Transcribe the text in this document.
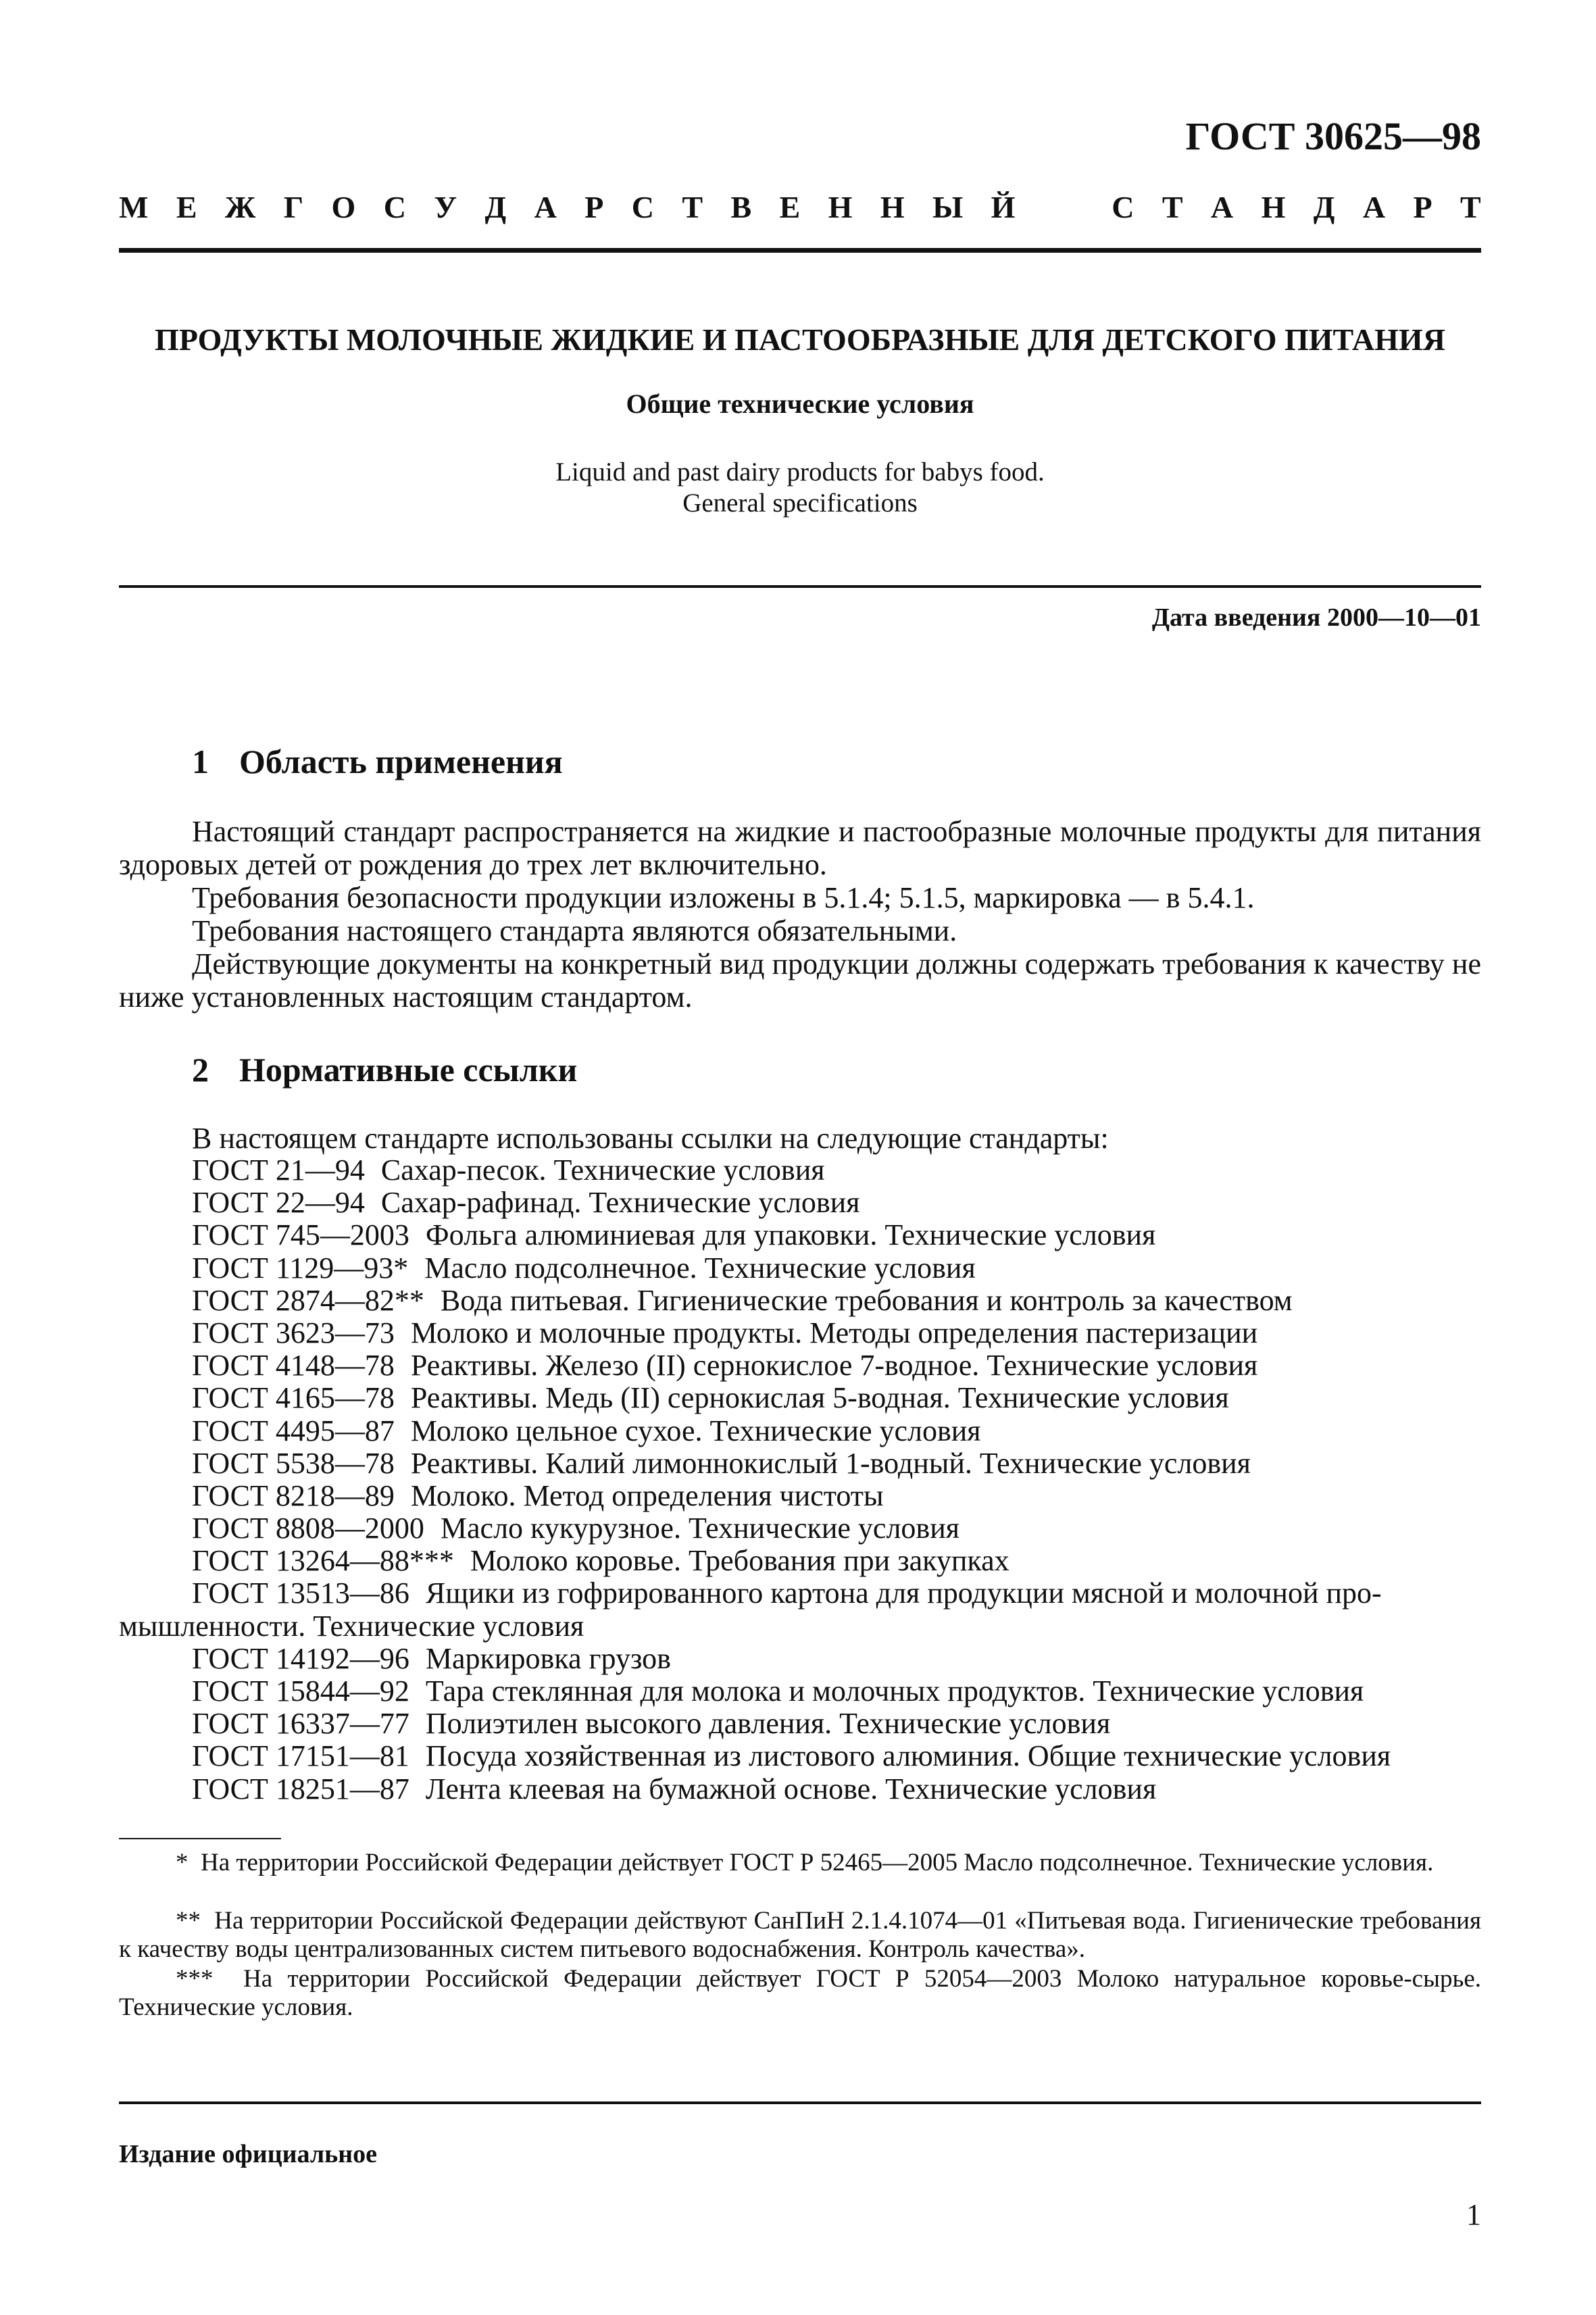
ГОСТ 30625—98
М Е Ж Г О С У Д А Р С Т В Е Н Н Ы Й	С Т А Н Д А Р Т
ПРОДУКТЫ МОЛОЧНЫЕ ЖИДКИЕ И ПАСТООБРАЗНЫЕ ДЛЯ ДЕТСКОГО ПИТАНИЯ
Общие технические условия
Liquid and past dairy products for babys food.
General specifications
Дата введения 2000—10—01
1 Область применения
Настоящий стандарт распространяется на жидкие и пастообразные молочные продукты для питания здоровых детей от рождения до трех лет включительно.
Требования безопасности продукции изложены в 5.1.4; 5.1.5, маркировка — в 5.4.1.
Требования настоящего стандарта являются обязательными.
Действующие документы на конкретный вид продукции должны содержать требования к качеству не ниже установленных настоящим стандартом.
2 Нормативные ссылки
В настоящем стандарте использованы ссылки на следующие стандарты:
ГОСТ 21—94 Сахар-песок. Технические условия
ГОСТ 22—94 Сахар-рафинад. Технические условия
ГОСТ 745—2003 Фольга алюминиевая для упаковки. Технические условия
ГОСТ 1129—93* Масло подсолнечное. Технические условия
ГОСТ 2874—82** Вода питьевая. Гигиенические требования и контроль за качеством
ГОСТ 3623—73 Молоко и молочные продукты. Методы определения пастеризации
ГОСТ 4148—78 Реактивы. Железо (II) сернокислое 7-водное. Технические условия
ГОСТ 4165—78 Реактивы. Медь (II) сернокислая 5-водная. Технические условия
ГОСТ 4495—87 Молоко цельное сухое. Технические условия
ГОСТ 5538—78 Реактивы. Калий лимоннокислый 1-водный. Технические условия
ГОСТ 8218—89 Молоко. Метод определения чистоты
ГОСТ 8808—2000 Масло кукурузное. Технические условия
ГОСТ 13264—88*** Молоко коровье. Требования при закупках
ГОСТ 13513—86 Ящики из гофрированного картона для продукции мясной и молочной про-
мышленности. Технические условия
ГОСТ 14192—96 Маркировка грузов
ГОСТ 15844—92 Тара стеклянная для молока и молочных продуктов. Технические условия
ГОСТ 16337—77 Полиэтилен высокого давления. Технические условия
ГОСТ 17151—81 Посуда хозяйственная из листового алюминия. Общие технические условия
ГОСТ 18251—87 Лента клеевая на бумажной основе. Технические условия
* На территории Российской Федерации действует ГОСТ Р 52465—2005 Масло подсолнечное. Технические условия.
** На территории Российской Федерации действуют СанПиН 2.1.4.1074—01 «Питьевая вода. Гигиенические требования к качеству воды централизованных систем питьевого водоснабжения. Контроль качества».
*** На территории Российской Федерации действует ГОСТ Р 52054—2003 Молоко натуральное коровье-сырье. Технические условия.
Издание официальное
1
